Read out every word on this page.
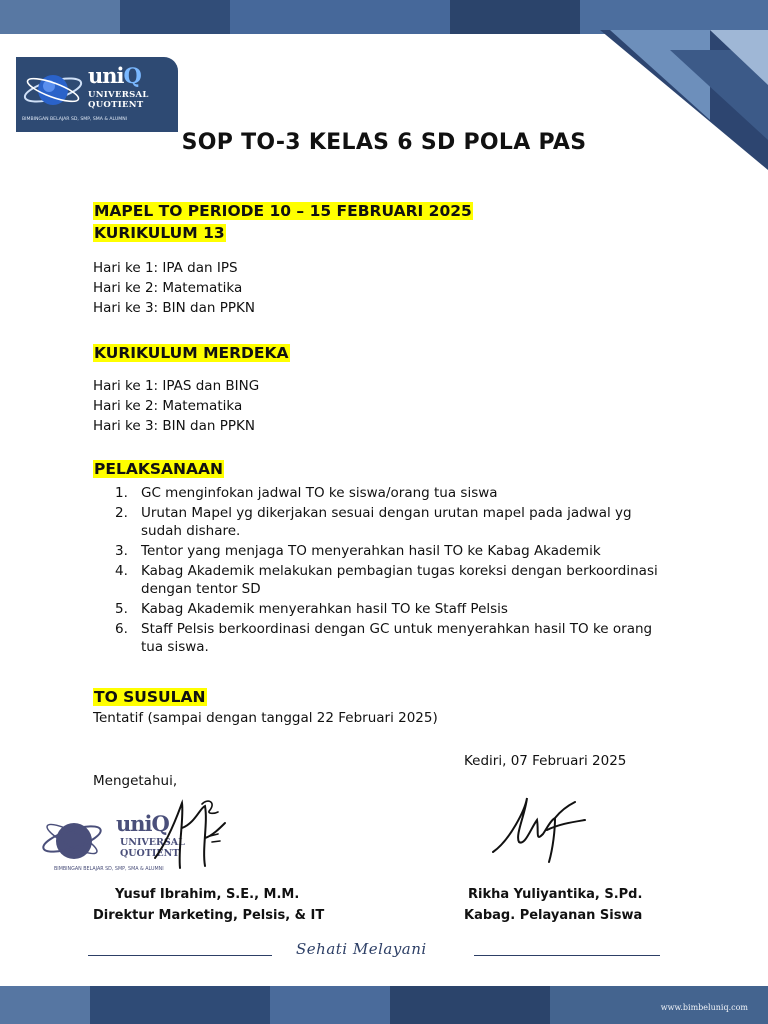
uniQ
UNIVERSAL
QUOTIENT
BIMBINGAN BELAJAR SD, SMP, SMA & ALUMNI
SOP TO-3 KELAS 6 SD POLA PAS
MAPEL TO PERIODE 10 – 15 FEBRUARI 2025
KURIKULUM 13
Hari ke 1: IPA dan IPS
Hari ke 2: Matematika
Hari ke 3: BIN dan PPKN
KURIKULUM MERDEKA
Hari ke 1: IPAS dan BING
Hari ke 2: Matematika
Hari ke 3: BIN dan PPKN
PELAKSANAAN
1. GC menginfokan jadwal TO ke siswa/orang tua siswa
2. Urutan Mapel yg dikerjakan sesuai dengan urutan mapel pada jadwal yg sudah dishare.
3. Tentor yang menjaga TO menyerahkan hasil TO ke Kabag Akademik
4. Kabag Akademik melakukan pembagian tugas koreksi dengan berkoordinasi dengan tentor SD
5. Kabag Akademik menyerahkan hasil TO ke Staff Pelsis
6. Staff Pelsis berkoordinasi dengan GC untuk menyerahkan hasil TO ke orang tua siswa.
TO SUSULAN
Tentatif (sampai dengan tanggal 22 Februari 2025)
Kediri, 07 Februari 2025
Mengetahui,
uniQ
UNIVERSAL
QUOTIENT
BIMBINGAN BELAJAR SD, SMP, SMA & ALUMNI
Yusuf Ibrahim, S.E., M.M.
Direktur Marketing, Pelsis, & IT
Rikha Yuliyantika, S.Pd.
Kabag. Pelayanan Siswa
Sehati Melayani
www.bimbeluniq.com
